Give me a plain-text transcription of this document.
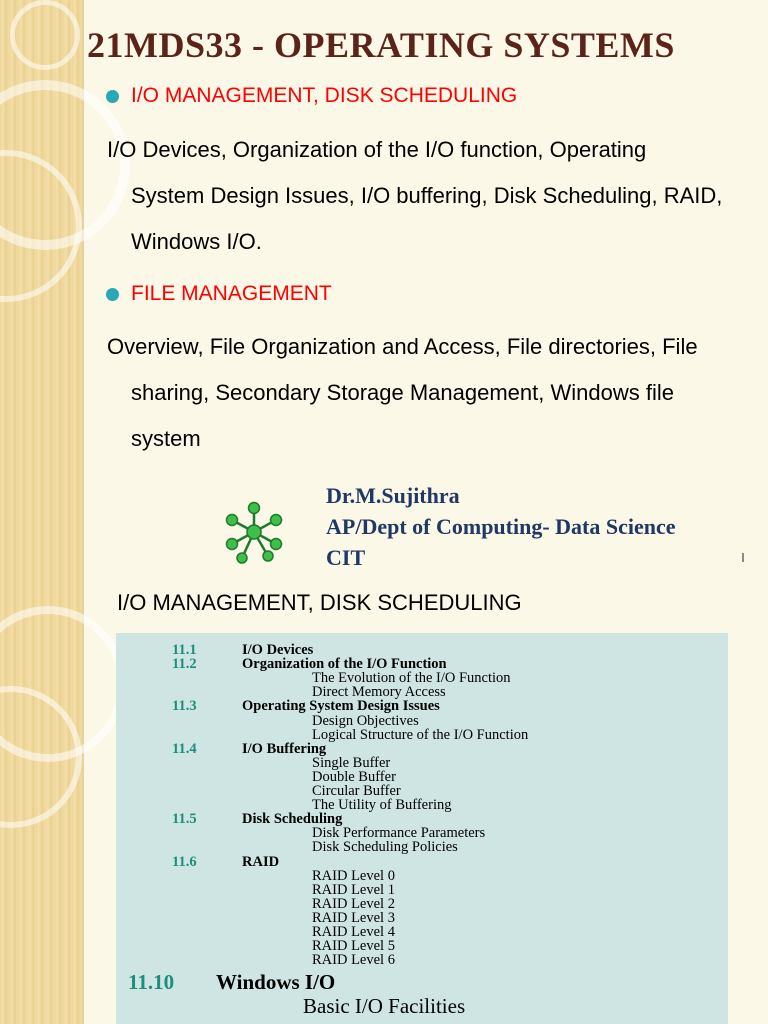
21MDS33 - OPERATING SYSTEMS
I/O MANAGEMENT, DISK SCHEDULING
I/O Devices, Organization of the I/O function, Operating
System Design Issues, I/O buffering, Disk Scheduling, RAID,
Windows I/O.
FILE MANAGEMENT
Overview, File Organization and Access, File directories, File
sharing, Secondary Storage Management, Windows file
system
Dr.M.Sujithra
AP/Dept of Computing- Data Science
CIT
I/O MANAGEMENT, DISK SCHEDULING
11.1	I/O Devices
11.2	Organization of the I/O Function
The Evolution of the I/O Function
Direct Memory Access
11.3	Operating System Design Issues
Design Objectives
Logical Structure of the I/O Function
11.4	I/O Buffering
Single Buffer
Double Buffer
Circular Buffer
The Utility of Buffering
11.5	Disk Scheduling
Disk Performance Parameters
Disk Scheduling Policies
11.6	RAID
RAID Level 0
RAID Level 1
RAID Level 2
RAID Level 3
RAID Level 4
RAID Level 5
RAID Level 6
11.10 Windows I/O
Basic I/O Facilities
